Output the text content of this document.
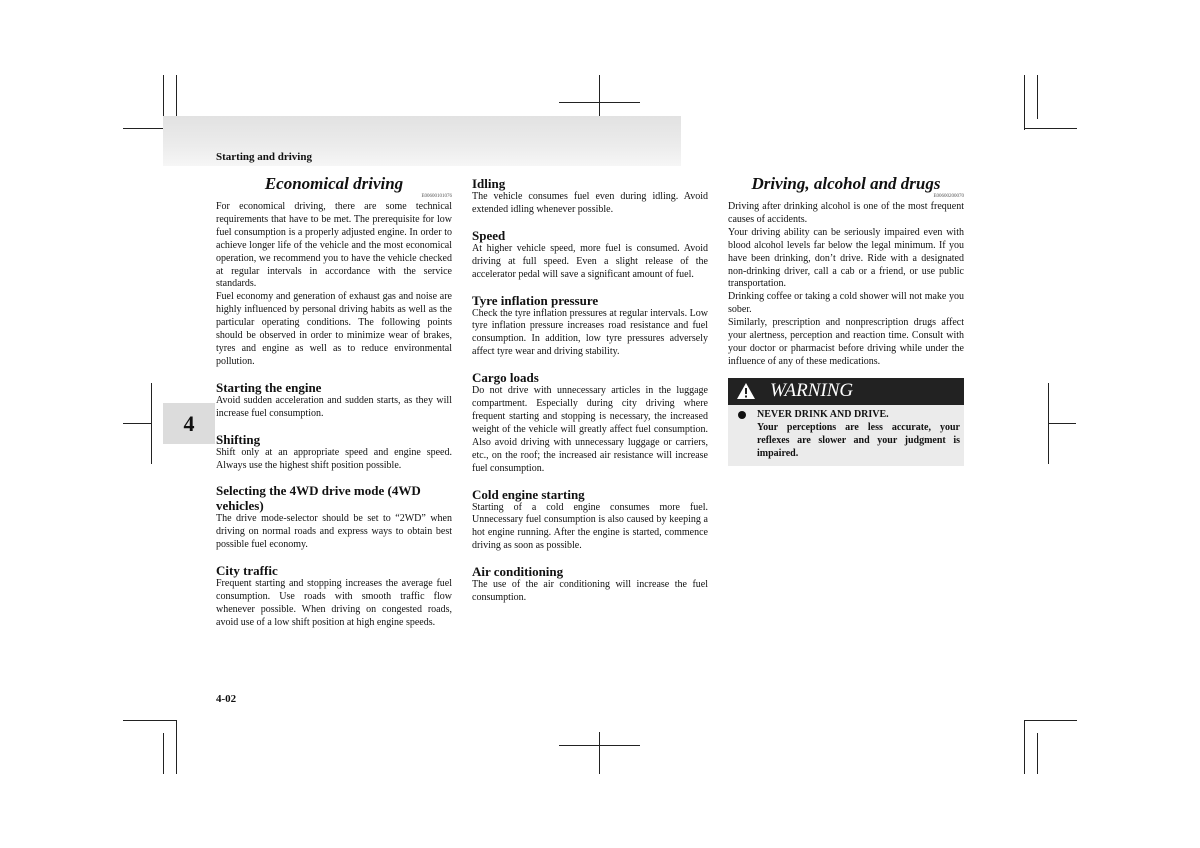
Starting and driving
4
4-02
Economical driving
E00600101076

For economical driving, there are some technical requirements that have to be met. The prerequisite for low fuel consumption is a properly adjusted engine. In order to achieve longer life of the vehicle and the most economical operation, we recommend you to have the vehicle checked at regular intervals in accordance with the service standards.

Fuel economy and generation of exhaust gas and noise are highly influenced by personal driving habits as well as the particular operating conditions. The following points should be observed in order to minimize wear of brakes, tyres and engine as well as to reduce environmental pollution.

Starting the engine

Avoid sudden acceleration and sudden starts, as they will increase fuel consumption.

Shifting

Shift only at an appropriate speed and engine speed. Always use the highest shift position possible.

Selecting the 4WD drive mode (4WD vehicles)

The drive mode-selector should be set to “2WD” when driving on normal roads and express ways to obtain best possible fuel economy.

City traffic

Frequent starting and stopping increases the average fuel consumption. Use roads with smooth traffic flow whenever possible. When driving on congested roads, avoid use of a low shift position at high engine speeds.

Idling

The vehicle consumes fuel even during idling. Avoid extended idling whenever possible.

Speed

At higher vehicle speed, more fuel is consumed. Avoid driving at full speed. Even a slight release of the accelerator pedal will save a significant amount of fuel.

Tyre inflation pressure

Check the tyre inflation pressures at regular intervals. Low tyre inflation pressure increases road resistance and fuel consumption. In addition, low tyre pressures adversely affect tyre wear and driving stability.

Cargo loads

Do not drive with unnecessary articles in the luggage compartment. Especially during city driving where frequent starting and stopping is necessary, the increased weight of the vehicle will greatly affect fuel consumption. Also avoid driving with unnecessary luggage or carriers, etc., on the roof; the increased air resistance will increase fuel consumption.

Cold engine starting

Starting of a cold engine consumes more fuel. Unnecessary fuel consumption is also caused by keeping a hot engine running. After the engine is started, commence driving as soon as possible.

Air conditioning

The use of the air conditioning will increase the fuel consumption.

Driving, alcohol and drugs
E00600200070

Driving after drinking alcohol is one of the most frequent causes of accidents.

Your driving ability can be seriously impaired even with blood alcohol levels far below the legal minimum. If you have been drinking, don’t drive. Ride with a designated non-drinking driver, call a cab or a friend, or use public transportation.

Drinking coffee or taking a cold shower will not make you sober.

Similarly, prescription and nonprescription drugs affect your alertness, perception and reaction time. Consult with your doctor or pharmacist before driving while under the influence of any of these medications.

WARNING
NEVER DRINK AND DRIVE.
Your perceptions are less accurate, your reflexes are slower and your judgment is impaired.
